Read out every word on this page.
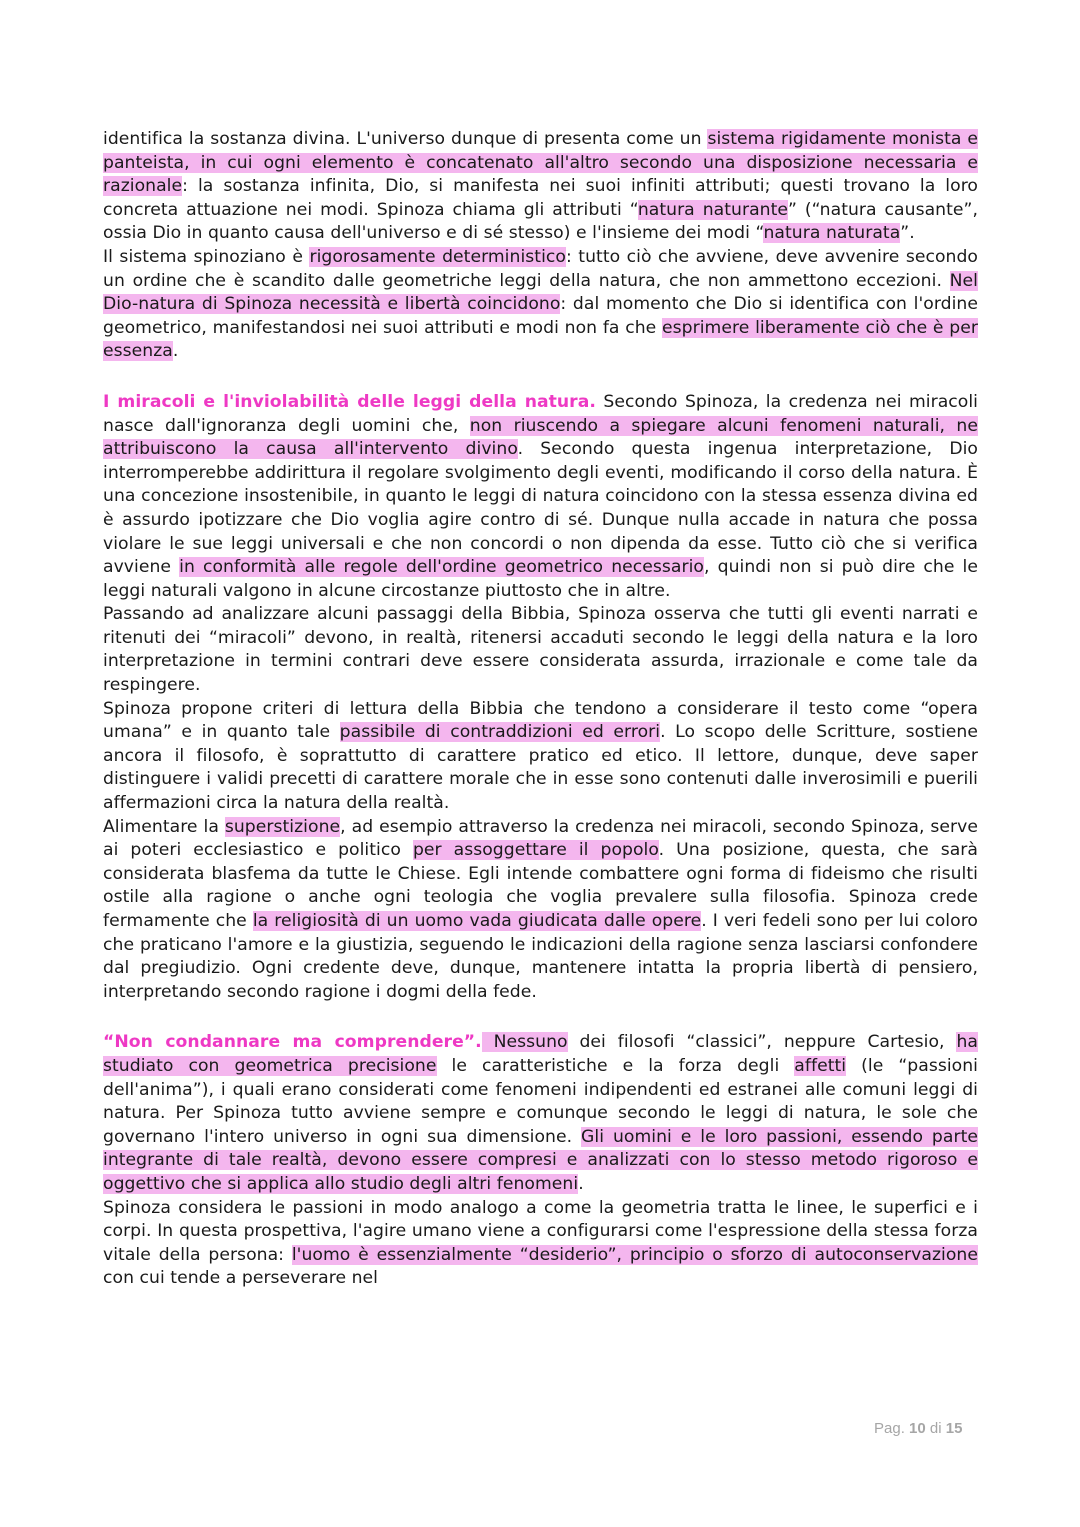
identifica la sostanza divina. L'universo dunque di presenta come un sistema rigidamente monista e panteista, in cui ogni elemento è concatenato all'altro secondo una disposizione necessaria e razionale: la sostanza infinita, Dio, si manifesta nei suoi infiniti attributi; questi trovano la loro concreta attuazione nei modi. Spinoza chiama gli attributi “natura naturante” (“natura causante”, ossia Dio in quanto causa dell'universo e di sé stesso) e l'insieme dei modi “natura naturata”.

Il sistema spinoziano è rigorosamente deterministico: tutto ciò che avviene, deve avvenire secondo un ordine che è scandito dalle geometriche leggi della natura, che non ammettono eccezioni. Nel Dio-natura di Spinoza necessità e libertà coincidono: dal momento che Dio si identifica con l'ordine geometrico, manifestandosi nei suoi attributi e modi non fa che esprimere liberamente ciò che è per essenza.

I miracoli e l'inviolabilità delle leggi della natura. Secondo Spinoza, la credenza nei miracoli nasce dall'ignoranza degli uomini che, non riuscendo a spiegare alcuni fenomeni naturali, ne attribuiscono la causa all'intervento divino. Secondo questa ingenua interpretazione, Dio interromperebbe addirittura il regolare svolgimento degli eventi, modificando il corso della natura. È una concezione insostenibile, in quanto le leggi di natura coincidono con la stessa essenza divina ed è assurdo ipotizzare che Dio voglia agire contro di sé. Dunque nulla accade in natura che possa violare le sue leggi universali e che non concordi o non dipenda da esse. Tutto ciò che si verifica avviene in conformità alle regole dell'ordine geometrico necessario, quindi non si può dire che le leggi naturali valgono in alcune circostanze piuttosto che in altre.

Passando ad analizzare alcuni passaggi della Bibbia, Spinoza osserva che tutti gli eventi narrati e ritenuti dei “miracoli” devono, in realtà, ritenersi accaduti secondo le leggi della natura e la loro interpretazione in termini contrari deve essere considerata assurda, irrazionale e come tale da respingere.

Spinoza propone criteri di lettura della Bibbia che tendono a considerare il testo come “opera umana” e in quanto tale passibile di contraddizioni ed errori. Lo scopo delle Scritture, sostiene ancora il filosofo, è soprattutto di carattere pratico ed etico. Il lettore, dunque, deve saper distinguere i validi precetti di carattere morale che in esse sono contenuti dalle inverosimili e puerili affermazioni circa la natura della realtà.

Alimentare la superstizione, ad esempio attraverso la credenza nei miracoli, secondo Spinoza, serve ai poteri ecclesiastico e politico per assoggettare il popolo. Una posizione, questa, che sarà considerata blasfema da tutte le Chiese. Egli intende combattere ogni forma di fideismo che risulti ostile alla ragione o anche ogni teologia che voglia prevalere sulla filosofia. Spinoza crede fermamente che la religiosità di un uomo vada giudicata dalle opere. I veri fedeli sono per lui coloro che praticano l'amore e la giustizia, seguendo le indicazioni della ragione senza lasciarsi confondere dal pregiudizio. Ogni credente deve, dunque, mantenere intatta la propria libertà di pensiero, interpretando secondo ragione i dogmi della fede.

“Non condannare ma comprendere”. Nessuno dei filosofi “classici”, neppure Cartesio, ha studiato con geometrica precisione le caratteristiche e la forza degli affetti (le “passioni dell'anima”), i quali erano considerati come fenomeni indipendenti ed estranei alle comuni leggi di natura. Per Spinoza tutto avviene sempre e comunque secondo le leggi di natura, le sole che governano l'intero universo in ogni sua dimensione. Gli uomini e le loro passioni, essendo parte integrante di tale realtà, devono essere compresi e analizzati con lo stesso metodo rigoroso e oggettivo che si applica allo studio degli altri fenomeni.

Spinoza considera le passioni in modo analogo a come la geometria tratta le linee, le superfici e i corpi. In questa prospettiva, l'agire umano viene a configurarsi come l'espressione della stessa forza vitale della persona: l'uomo è essenzialmente “desiderio”, principio o sforzo di autoconservazione con cui tende a perseverare nel

Pag. 10 di 15
